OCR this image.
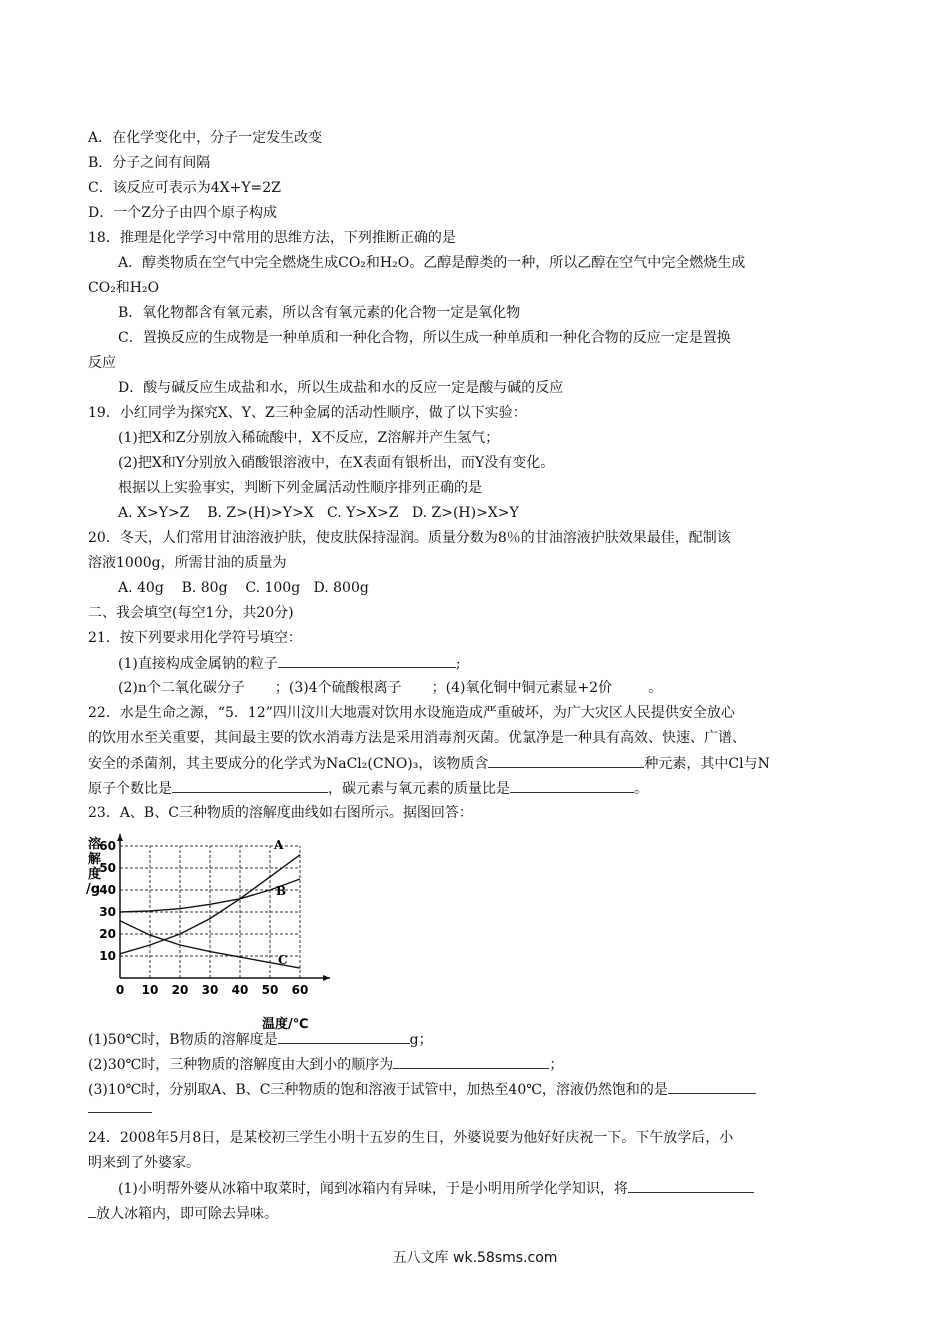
A．在化学变化中，分子一定发生改变
B．分子之间有间隔
C．该反应可表示为4X+Y=2Z
D．一个Z分子由四个原子构成
18．推理是化学学习中常用的思维方法，下列推断正确的是
A．醇类物质在空气中完全燃烧生成CO₂和H₂O。乙醇是醇类的一种，所以乙醇在空气中完全燃烧生成
CO₂和H₂O
B．氧化物都含有氧元素，所以含有氧元素的化合物一定是氧化物
C．置换反应的生成物是一种单质和一种化合物，所以生成一种单质和一种化合物的反应一定是置换
反应
D．酸与碱反应生成盐和水，所以生成盐和水的反应一定是酸与碱的反应
19．小红同学为探究X、Y、Z三种金属的活动性顺序，做了以下实验：
(1)把X和Z分别放入稀硫酸中，X不反应，Z溶解并产生氢气；
(2)把X和Y分别放入硝酸银溶液中，在X表面有银析出，而Y没有变化。
根据以上实验事实，判断下列金属活动性顺序排列正确的是
A. X>Y>Z    B. Z>(H)>Y>X   C. Y>X>Z   D. Z>(H)>X>Y
20．冬天，人们常用甘油溶液护肤，使皮肤保持湿润。质量分数为8％的甘油溶液护肤效果最佳，配制该
溶液1000g，所需甘油的质量为
A. 40g    B. 80g    C. 100g   D. 800g
二、我会填空(每空1分，共20分)
21．按下列要求用化学符号填空：
(1)直接构成金属钠的粒子	;
(2)n个二氧化碳分子 ；(3)4个硫酸根离子 ；(4)氧化铜中铜元素显+2价	。
22．水是生命之源，“5．12”四川汶川大地震对饮用水设施造成严重破坏，为广大灾区人民提供安全放心
的饮用水至关重要，其间最主要的饮水消毒方法是采用消毒剂灭菌。优氯净是一种具有高效、快速、广谱、
安全的杀菌剂，其主要成分的化学式为NaCl₂(CNO)₃，该物质含	种元素，其中Cl与N
原子个数比是	，碳元素与氧元素的质量比是	。
23．A、B、C三种物质的溶解度曲线如右图所示。据图回答：
A
B
C
0 10 20 30 40 50 60
10
20
30
40
50
60
溶解度/g
温度/℃
(1)50℃时，B物质的溶解度是	g；
(2)30℃时，三种物质的溶解度由大到小的顺序为	；
(3)10℃时，分别取A、B、C三种物质的饱和溶液于试管中，加热至40℃，溶液仍然饱和的是
24．2008年5月8日，是某校初三学生小明十五岁的生日，外婆说要为他好好庆祝一下。下午放学后，小
明来到了外婆家。
(1)小明帮外婆从冰箱中取菜时，闻到冰箱内有异味，于是小明用所学化学知识，将
放人冰箱内，即可除去异味。
五八文库 wk.58sms.com
